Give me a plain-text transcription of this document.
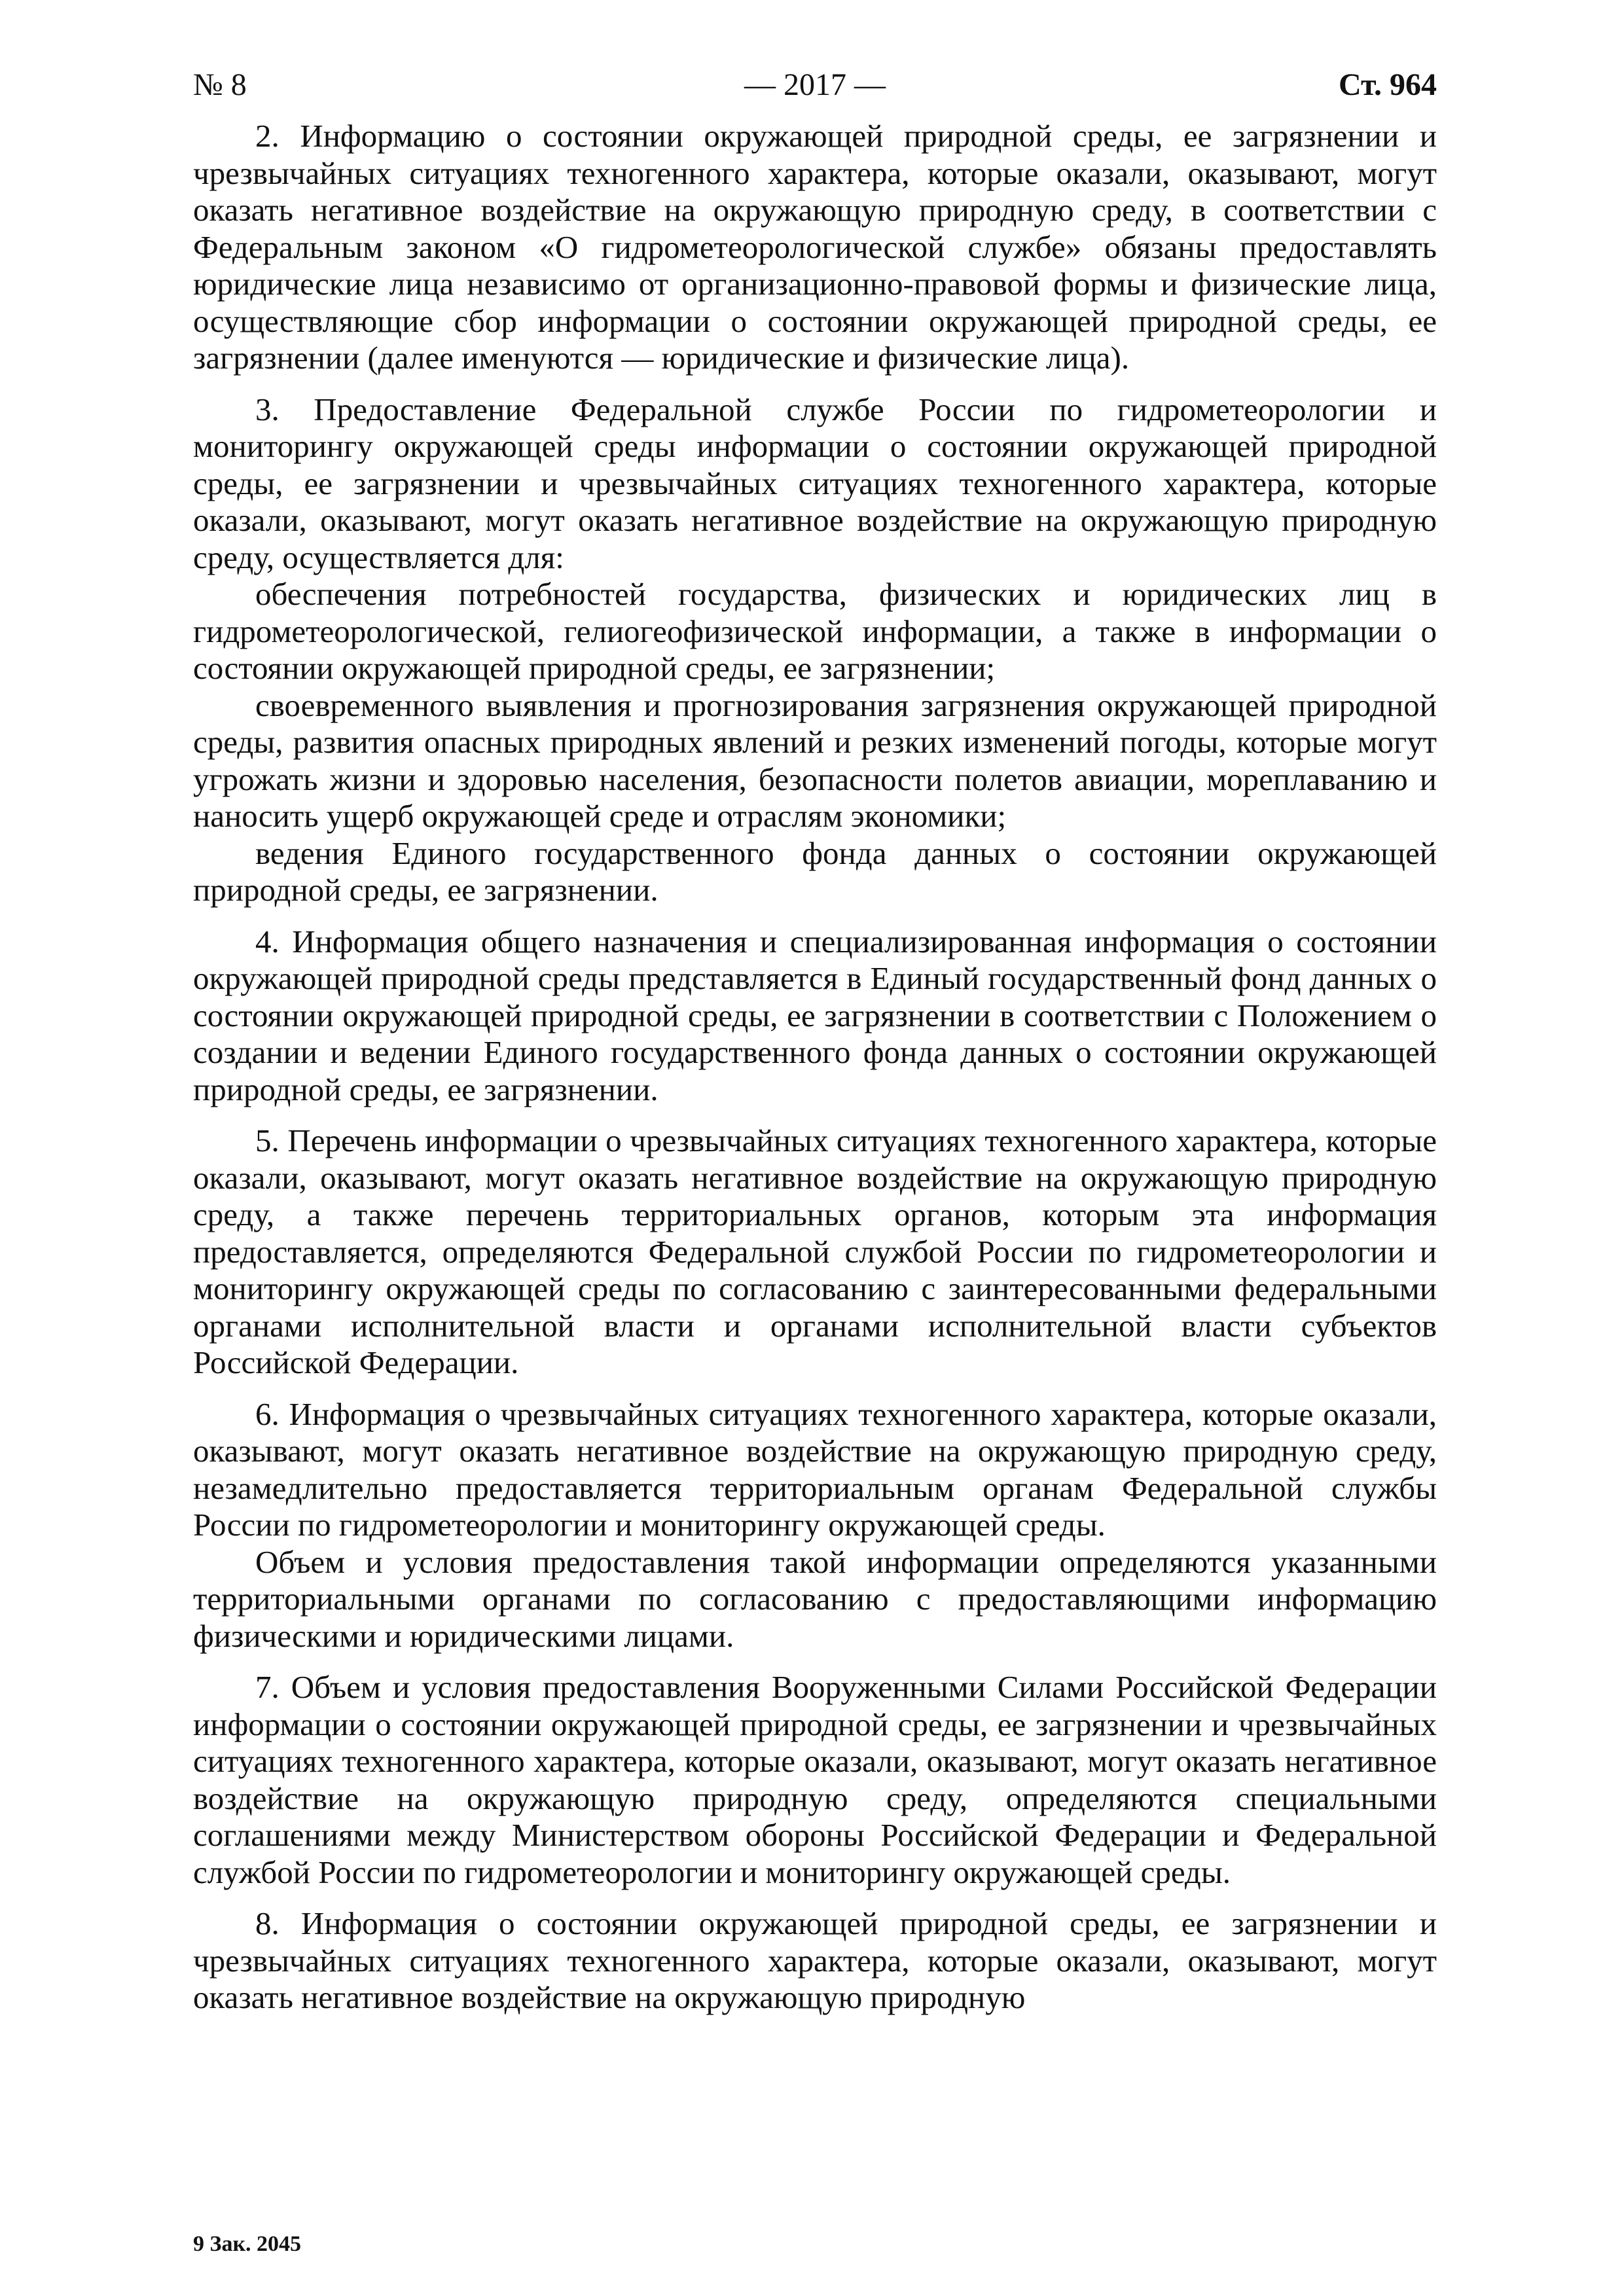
№ 8	— 2017 —	Ст. 964

2. Информацию о состоянии окружающей природной среды, ее загрязнении и чрезвычайных ситуациях техногенного характера, которые оказали, оказывают, могут оказать негативное воздействие на окружающую природную среду, в соответствии с Федеральным законом «О гидрометеорологической службе» обязаны предоставлять юридические лица независимо от организационно-правовой формы и физические лица, осуществляющие сбор информации о состоянии окружающей природной среды, ее загрязнении (далее именуются — юридические и физические лица).

3. Предоставление Федеральной службе России по гидрометеорологии и мониторингу окружающей среды информации о состоянии окружающей природной среды, ее загрязнении и чрезвычайных ситуациях техногенного характера, которые оказали, оказывают, могут оказать негативное воздействие на окружающую природную среду, осуществляется для:

обеспечения потребностей государства, физических и юридических лиц в гидрометеорологической, гелиогеофизической информации, а также в информации о состоянии окружающей природной среды, ее загрязнении;

своевременного выявления и прогнозирования загрязнения окружающей природной среды, развития опасных природных явлений и резких изменений погоды, которые могут угрожать жизни и здоровью населения, безопасности полетов авиации, мореплаванию и наносить ущерб окружающей среде и отраслям экономики;

ведения Единого государственного фонда данных о состоянии окружающей природной среды, ее загрязнении.

4. Информация общего назначения и специализированная информация о состоянии окружающей природной среды представляется в Единый государственный фонд данных о состоянии окружающей природной среды, ее загрязнении в соответствии с Положением о создании и ведении Единого государственного фонда данных о состоянии окружающей природной среды, ее загрязнении.

5. Перечень информации о чрезвычайных ситуациях техногенного характера, которые оказали, оказывают, могут оказать негативное воздействие на окружающую природную среду, а также перечень территориальных органов, которым эта информация предоставляется, определяются Федеральной службой России по гидрометеорологии и мониторингу окружающей среды по согласованию с заинтересованными федеральными органами исполнительной власти и органами исполнительной власти субъектов Российской Федерации.

6. Информация о чрезвычайных ситуациях техногенного характера, которые оказали, оказывают, могут оказать негативное воздействие на окружающую природную среду, незамедлительно предоставляется территориальным органам Федеральной службы России по гидрометеорологии и мониторингу окружающей среды.

Объем и условия предоставления такой информации определяются указанными территориальными органами по согласованию с предоставляющими информацию физическими и юридическими лицами.

7. Объем и условия предоставления Вооруженными Силами Российской Федерации информации о состоянии окружающей природной среды, ее загрязнении и чрезвычайных ситуациях техногенного характера, которые оказали, оказывают, могут оказать негативное воздействие на окружающую природную среду, определяются специальными соглашениями между Министерством обороны Российской Федерации и Федеральной службой России по гидрометеорологии и мониторингу окружающей среды.

8. Информация о состоянии окружающей природной среды, ее загрязнении и чрезвычайных ситуациях техногенного характера, которые оказали, оказывают, могут оказать негативное воздействие на окружающую природную

9 Зак. 2045
